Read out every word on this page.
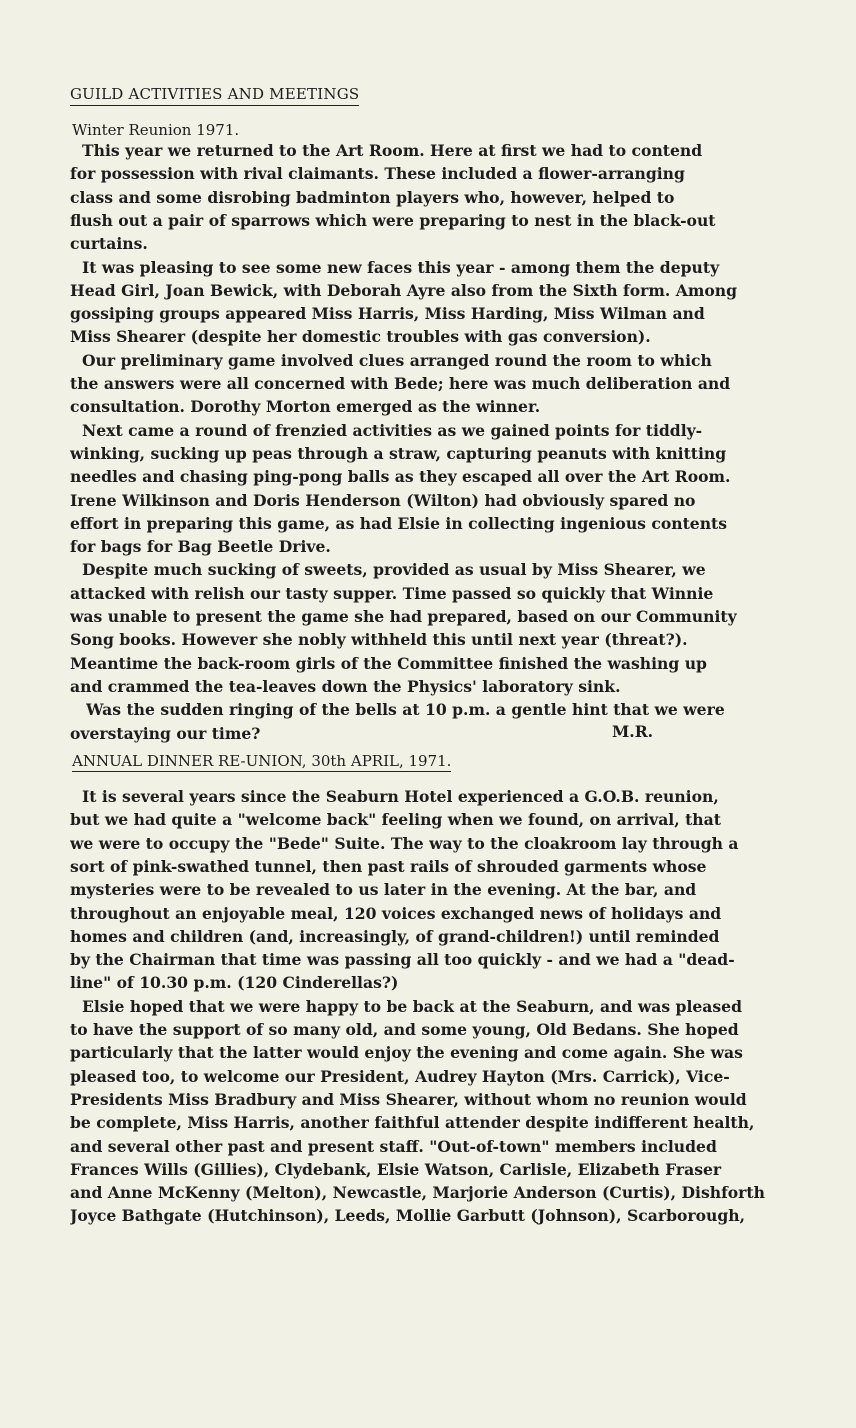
GUILD ACTIVITIES AND MEETINGS
Winter Reunion 1971.
This year we returned to the Art Room. Here at first we had to contend
for possession with rival claimants. These included a flower-arranging
class and some disrobing badminton players who, however, helped to
flush out a pair of sparrows which were preparing to nest in the black-out
curtains.
It was pleasing to see some new faces this year - among them the deputy
Head Girl, Joan Bewick, with Deborah Ayre also from the Sixth form. Among
gossiping groups appeared Miss Harris, Miss Harding, Miss Wilman and
Miss Shearer (despite her domestic troubles with gas conversion).
Our preliminary game involved clues arranged round the room to which
the answers were all concerned with Bede; here was much deliberation and
consultation. Dorothy Morton emerged as the winner.
Next came a round of frenzied activities as we gained points for tiddly-
winking, sucking up peas through a straw, capturing peanuts with knitting
needles and chasing ping-pong balls as they escaped all over the Art Room.
Irene Wilkinson and Doris Henderson (Wilton) had obviously spared no
effort in preparing this game, as had Elsie in collecting ingenious contents
for bags for Bag Beetle Drive.
Despite much sucking of sweets, provided as usual by Miss Shearer, we
attacked with relish our tasty supper. Time passed so quickly that Winnie
was unable to present the game she had prepared, based on our Community
Song books. However she nobly withheld this until next year (threat?).
Meantime the back-room girls of the Committee finished the washing up
and crammed the tea-leaves down the Physics' laboratory sink.
Was the sudden ringing of the bells at 10 p.m. a gentle hint that we were
overstaying our time?	M.R.
ANNUAL DINNER RE-UNION, 30th APRIL, 1971.
It is several years since the Seaburn Hotel experienced a G.O.B. reunion,
but we had quite a "welcome back" feeling when we found, on arrival, that
we were to occupy the "Bede" Suite. The way to the cloakroom lay through a
sort of pink-swathed tunnel, then past rails of shrouded garments whose
mysteries were to be revealed to us later in the evening. At the bar, and
throughout an enjoyable meal, 120 voices exchanged news of holidays and
homes and children (and, increasingly, of grand-children!) until reminded
by the Chairman that time was passing all too quickly - and we had a "dead-
line" of 10.30 p.m. (120 Cinderellas?)
Elsie hoped that we were happy to be back at the Seaburn, and was pleased
to have the support of so many old, and some young, Old Bedans. She hoped
particularly that the latter would enjoy the evening and come again. She was
pleased too, to welcome our President, Audrey Hayton (Mrs. Carrick), Vice-
Presidents Miss Bradbury and Miss Shearer, without whom no reunion would
be complete, Miss Harris, another faithful attender despite indifferent health,
and several other past and present staff. "Out-of-town" members included
Frances Wills (Gillies), Clydebank, Elsie Watson, Carlisle, Elizabeth Fraser
and Anne McKenny (Melton), Newcastle, Marjorie Anderson (Curtis), Dishforth
Joyce Bathgate (Hutchinson), Leeds, Mollie Garbutt (Johnson), Scarborough,
